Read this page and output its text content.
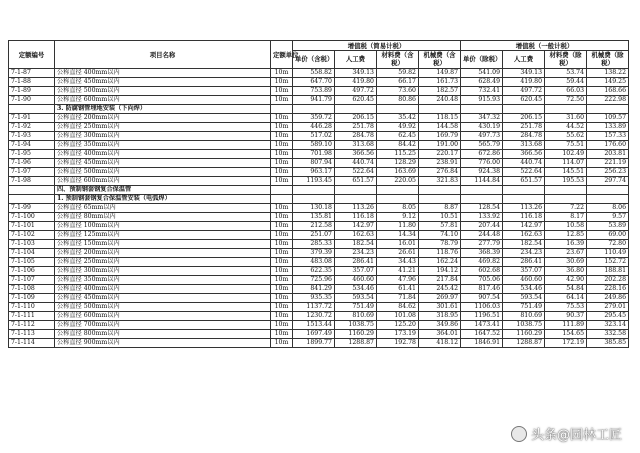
定额编号	项目名称	定额单位	增值税（简易计税）				增值税（一般计税）			
			单价（含税）	人工费	材料费（含税）	机械费（含税）	单价（除税）	人工费	材料费（除税）	机械费（除税）
7-1-87	公称直径 400mm以内	10m	558.82	349.13	59.82	149.87	541.09	349.13	53.74	138.22
7-1-88	公称直径 450mm以内	10m	647.70	419.80	66.17	161.73	628.49	419.80	59.44	149.25
7-1-89	公称直径 500mm以内	10m	753.89	497.72	73.60	182.57	732.41	497.72	66.03	168.66
7-1-90	公称直径 600mm以内	10m	941.79	620.45	80.86	240.48	915.93	620.45	72.50	222.98
	3. 防腐钢管埋地安装（下向焊）									
7-1-91	公称直径 200mm以内	10m	359.72	206.15	35.42	118.15	347.32	206.15	31.60	109.57
7-1-92	公称直径 250mm以内	10m	446.28	251.78	49.92	144.58	430.19	251.78	44.52	133.89
7-1-93	公称直径 300mm以内	10m	517.02	284.78	62.45	169.79	497.73	284.78	55.62	157.33
7-1-94	公称直径 350mm以内	10m	589.10	313.68	84.42	191.00	565.79	313.68	75.51	176.60
7-1-95	公称直径 400mm以内	10m	701.98	366.56	115.25	220.17	672.86	366.56	102.49	203.81
7-1-96	公称直径 450mm以内	10m	807.94	440.74	128.29	238.91	776.00	440.74	114.07	221.19
7-1-97	公称直径 500mm以内	10m	963.17	522.64	163.69	276.84	924.38	522.64	145.51	256.23
7-1-98	公称直径 600mm以内	10m	1193.45	651.57	220.05	321.83	1144.84	651.57	195.53	297.74
	四、预制钢套钢复合保温管									
	1. 预制钢套钢复合保温管安装（电弧焊）									
7-1-99	公称直径 65mm以内	10m	130.18	113.26	8.05	8.87	128.54	113.26	7.22	8.06
7-1-100	公称直径 80mm以内	10m	135.81	116.18	9.12	10.51	133.92	116.18	8.17	9.57
7-1-101	公称直径 100mm以内	10m	212.58	142.97	11.80	57.81	207.44	142.97	10.58	53.89
7-1-102	公称直径 125mm以内	10m	251.07	162.63	14.34	74.10	244.48	162.63	12.85	69.00
7-1-103	公称直径 150mm以内	10m	285.33	182.54	16.01	78.79	277.79	182.54	16.39	72.80
7-1-104	公称直径 200mm以内	10m	379.39	234.23	26.61	118.76	368.39	234.23	23.67	110.49
7-1-105	公称直径 250mm以内	10m	483.08	286.41	34.43	162.24	469.82	286.41	30.69	152.72
7-1-106	公称直径 300mm以内	10m	622.35	357.07	41.21	194.12	602.68	357.07	36.80	188.81
7-1-107	公称直径 350mm以内	10m	725.96	460.60	47.96	217.84	705.06	460.60	42.90	202.28
7-1-108	公称直径 400mm以内	10m	841.29	534.46	61.41	245.42	817.46	534.46	54.84	228.16
7-1-109	公称直径 450mm以内	10m	935.35	593.54	71.84	269.97	907.54	593.54	64.14	249.86
7-1-110	公称直径 500mm以内	10m	1137.72	751.49	84.62	301.61	1106.03	751.49	75.53	279.01
7-1-111	公称直径 600mm以内	10m	1230.72	810.69	101.08	318.95	1196.51	810.69	90.37	295.45
7-1-112	公称直径 700mm以内	10m	1513.44	1038.75	125.20	349.86	1473.41	1038.75	111.89	323.14
7-1-113	公称直径 800mm以内	10m	1697.49	1160.29	173.19	364.01	1647.52	1160.29	154.65	332.58
7-1-114	公称直径 900mm以内	10m	1899.77	1288.87	192.78	418.12	1846.91	1288.87	172.19	385.85
头条@园林工匠
